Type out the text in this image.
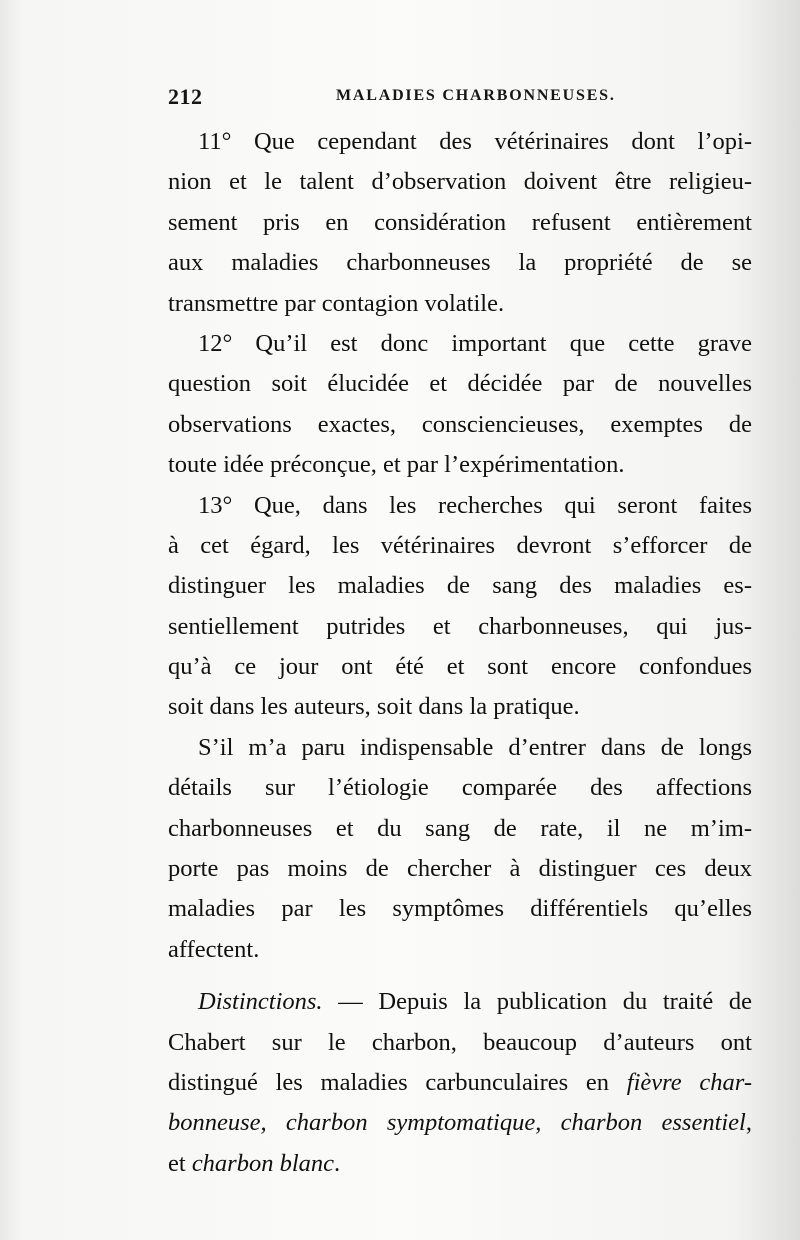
212	MALADIES CHARBONNEUSES.
11° Que cependant des vétérinaires dont l’opi-
nion et le talent d’observation doivent être religieu-
sement pris en considération refusent entièrement
aux maladies charbonneuses la propriété de se
transmettre par contagion volatile.
12° Qu’il est donc important que cette grave
question soit élucidée et décidée par de nouvelles
observations exactes, consciencieuses, exemptes de
toute idée préconçue, et par l’expérimentation.
13° Que, dans les recherches qui seront faites
à cet égard, les vétérinaires devront s’efforcer de
distinguer les maladies de sang des maladies es-
sentiellement putrides et charbonneuses, qui jus-
qu’à ce jour ont été et sont encore confondues
soit dans les auteurs, soit dans la pratique.
S’il m’a paru indispensable d’entrer dans de longs
détails sur l’étiologie comparée des affections
charbonneuses et du sang de rate, il ne m’im-
porte pas moins de chercher à distinguer ces deux
maladies par les symptômes différentiels qu’elles
affectent.
Distinctions. — Depuis la publication du traité de
Chabert sur le charbon, beaucoup d’auteurs ont
distingué les maladies carbunculaires en fièvre char-
bonneuse, charbon symptomatique, charbon essentiel,
et charbon blanc.
